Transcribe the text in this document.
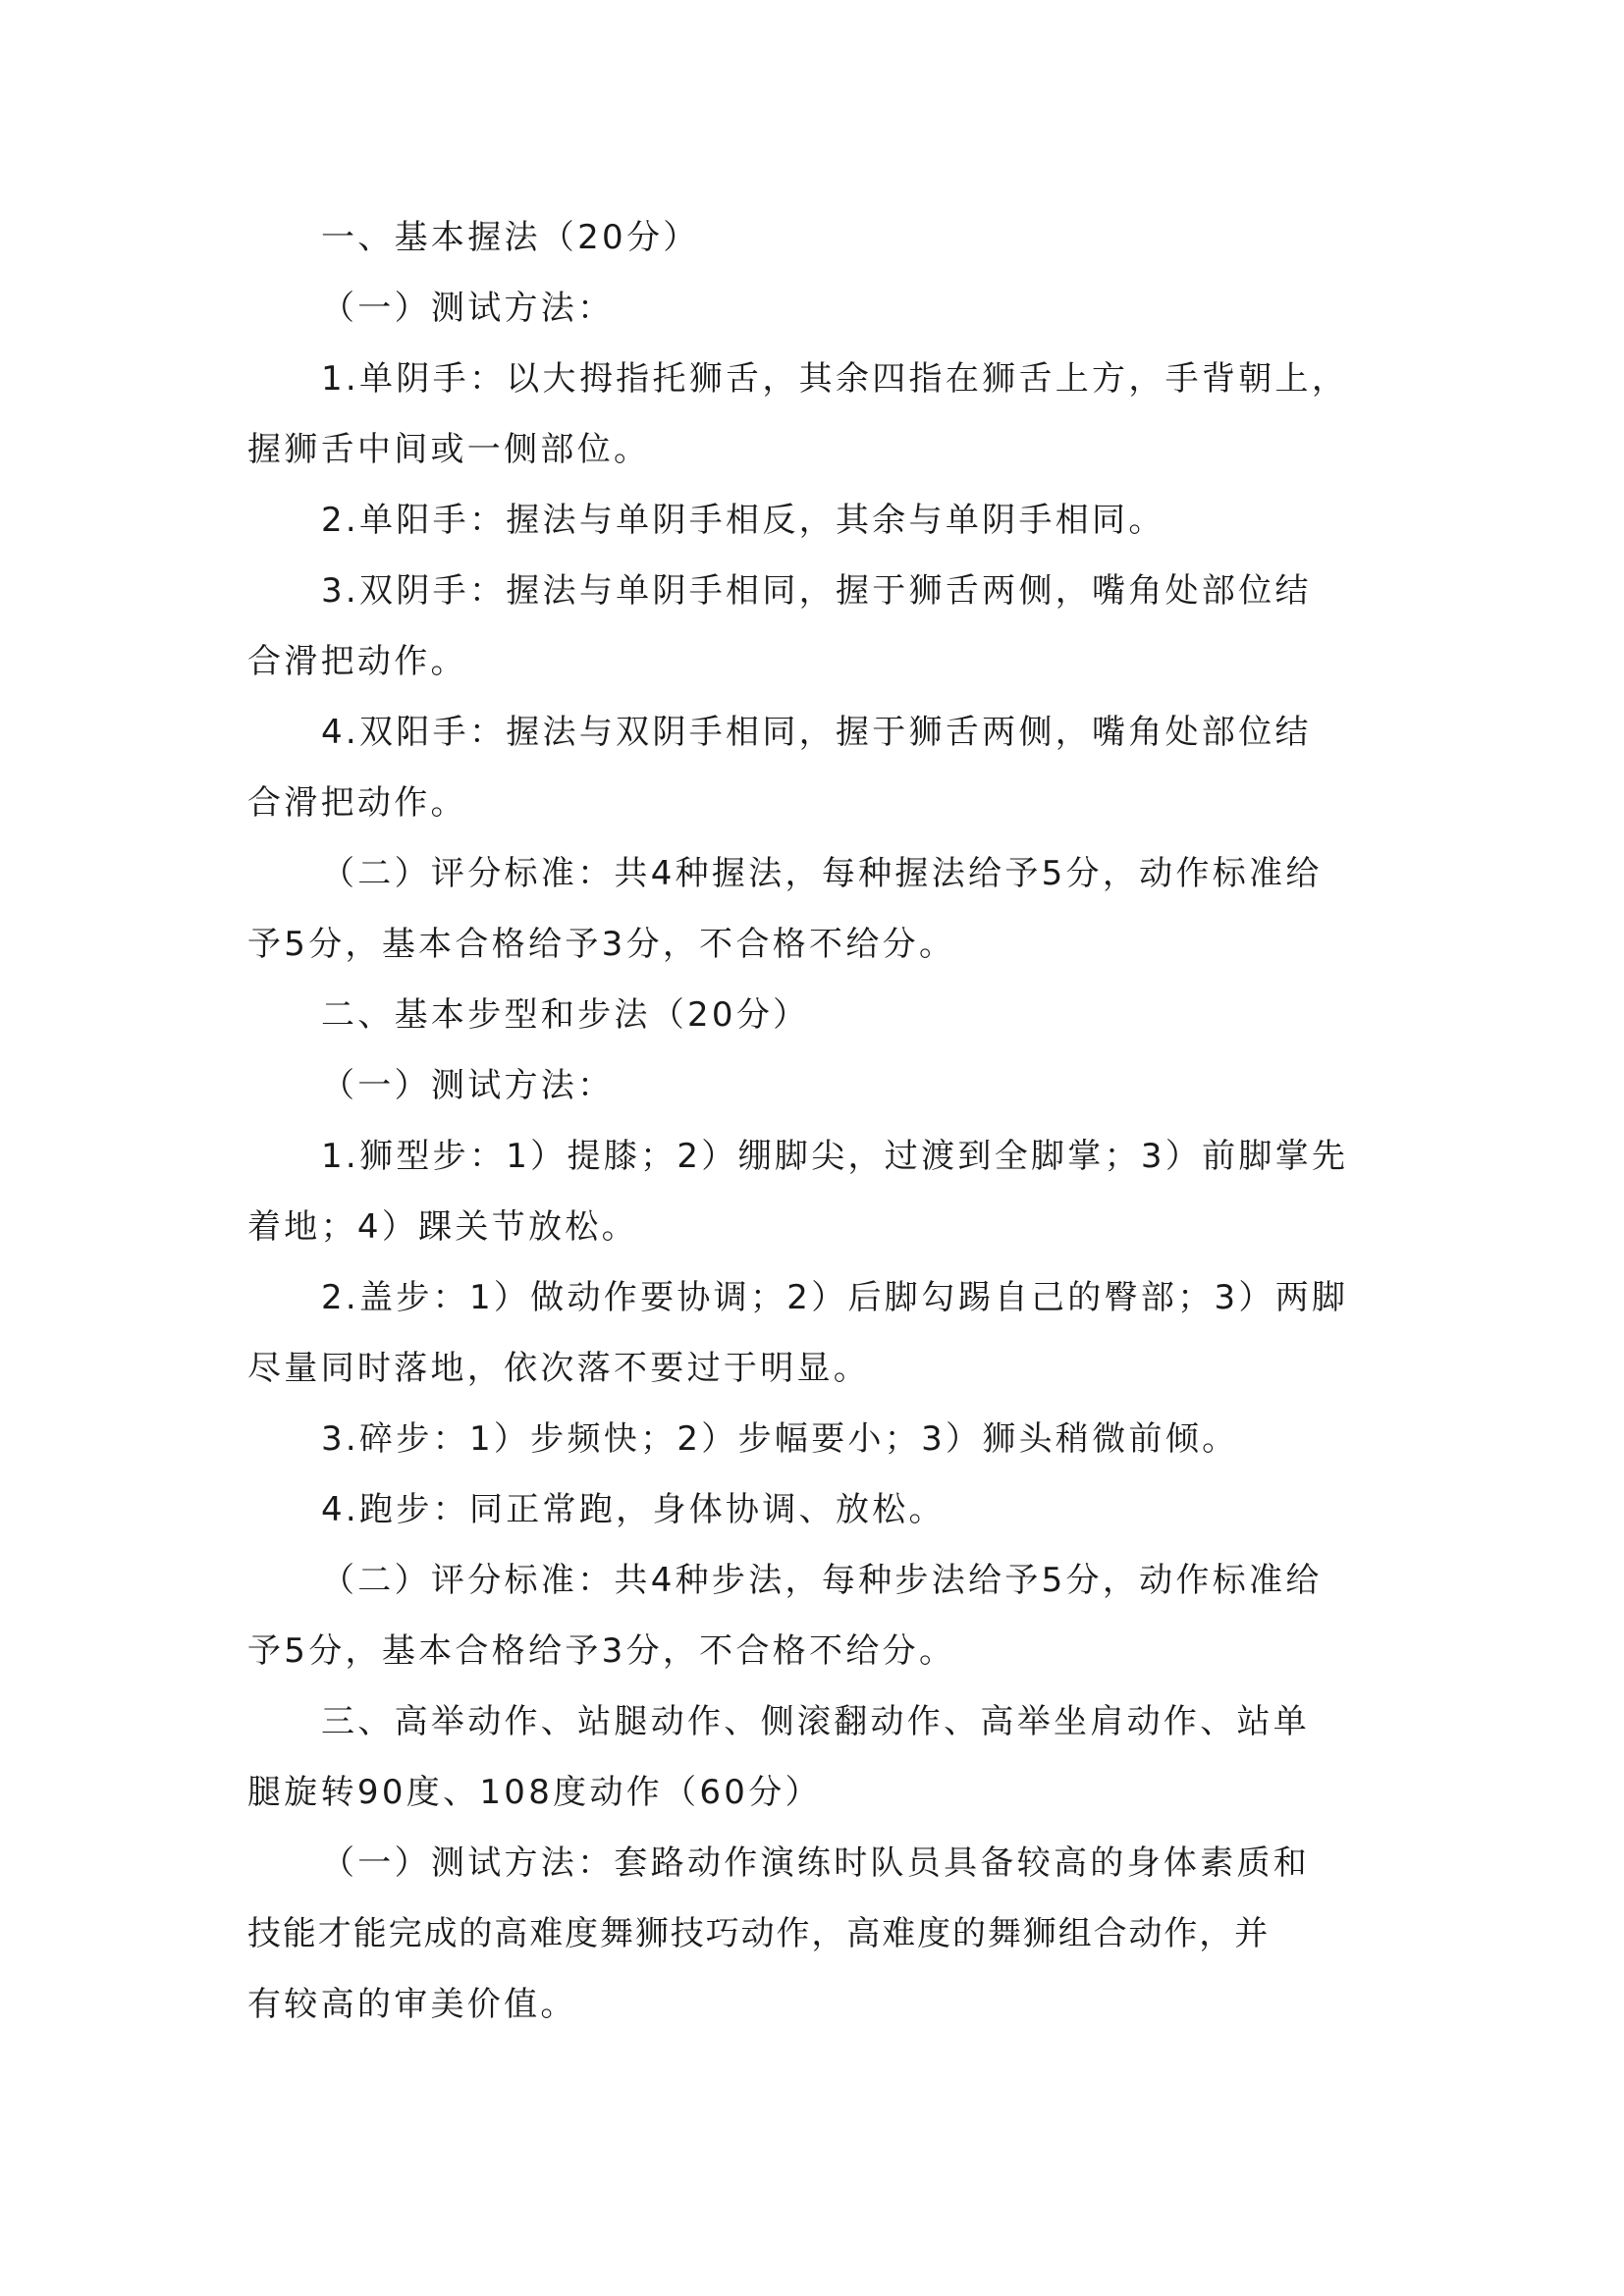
一、基本握法（20分）

（一）测试方法：

1.单阴手：以大拇指托狮舌，其余四指在狮舌上方，手背朝上，

握狮舌中间或一侧部位。

2.单阳手：握法与单阴手相反，其余与单阴手相同。

3.双阴手：握法与单阴手相同，握于狮舌两侧，嘴角处部位结

合滑把动作。

4.双阳手：握法与双阴手相同，握于狮舌两侧，嘴角处部位结

合滑把动作。

（二）评分标准：共4种握法，每种握法给予5分，动作标准给

予5分，基本合格给予3分，不合格不给分。

二、基本步型和步法（20分）

（一）测试方法：

1.狮型步：1）提膝；2）绷脚尖，过渡到全脚掌；3）前脚掌先

着地；4）踝关节放松。

2.盖步：1）做动作要协调；2）后脚勾踢自己的臀部；3）两脚

尽量同时落地，依次落不要过于明显。

3.碎步：1）步频快；2）步幅要小；3）狮头稍微前倾。

4.跑步：同正常跑，身体协调、放松。

（二）评分标准：共4种步法，每种步法给予5分，动作标准给

予5分，基本合格给予3分，不合格不给分。

三、高举动作、站腿动作、侧滚翻动作、高举坐肩动作、站单

腿旋转90度、108度动作（60分）

（一）测试方法：套路动作演练时队员具备较高的身体素质和

技能才能完成的高难度舞狮技巧动作，高难度的舞狮组合动作，并

有较高的审美价值。
